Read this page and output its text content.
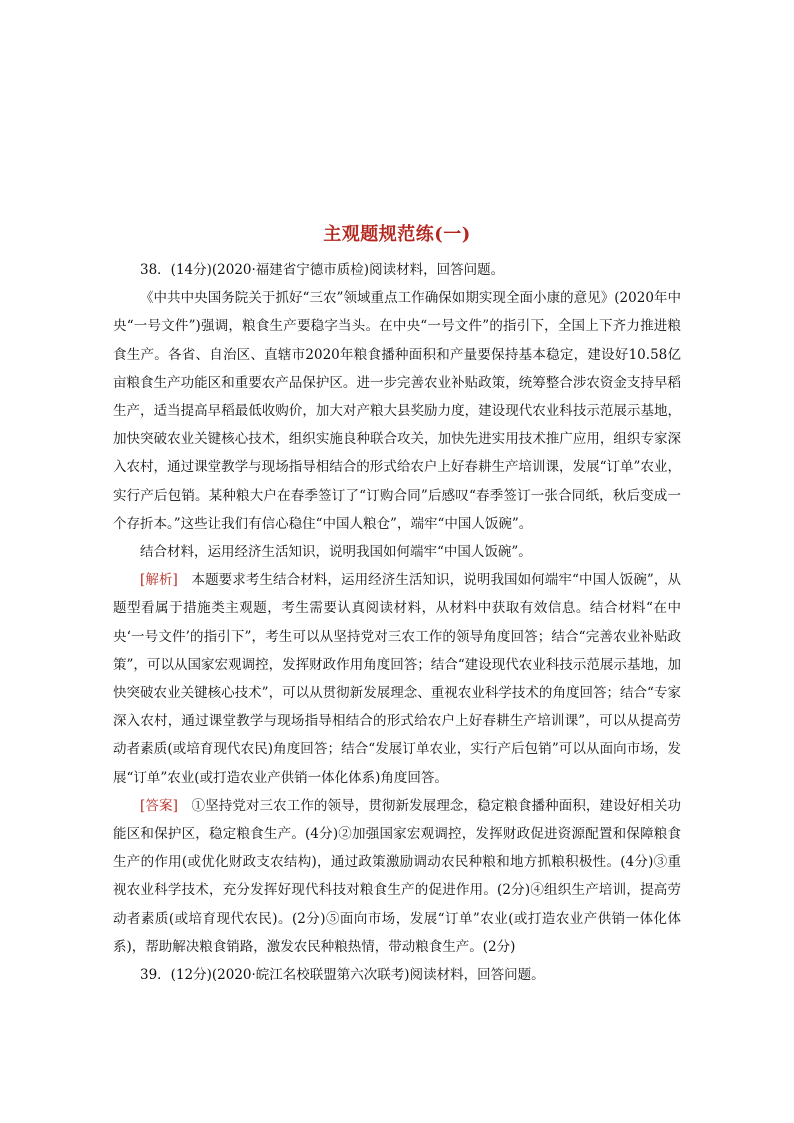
主观题规范练(一)

38．(14分)(2020·福建省宁德市质检)阅读材料，回答问题。

《中共中央国务院关于抓好“三农”领域重点工作确保如期实现全面小康的意见》(2020年中央“一号文件”)强调，粮食生产要稳字当头。在中央“一号文件”的指引下，全国上下齐力推进粮食生产。各省、自治区、直辖市2020年粮食播种面积和产量要保持基本稳定，建设好10.58亿亩粮食生产功能区和重要农产品保护区。进一步完善农业补贴政策，统筹整合涉农资金支持早稻生产，适当提高早稻最低收购价，加大对产粮大县奖励力度，建设现代农业科技示范展示基地，加快突破农业关键核心技术，组织实施良种联合攻关，加快先进实用技术推广应用，组织专家深入农村，通过课堂教学与现场指导相结合的形式给农户上好春耕生产培训课，发展“订单”农业，实行产后包销。某种粮大户在春季签订了“订购合同”后感叹“春季签订一张合同纸，秋后变成一个存折本。”这些让我们有信心稳住“中国人粮仓”，端牢“中国人饭碗”。

结合材料，运用经济生活知识，说明我国如何端牢“中国人饭碗”。

[解析]　 本题要求考生结合材料，运用经济生活知识，说明我国如何端牢“中国人饭碗”，从题型看属于措施类主观题，考生需要认真阅读材料，从材料中获取有效信息。结合材料“在中央‘一号文件’的指引下”，考生可以从坚持党对三农工作的领导角度回答；结合“完善农业补贴政策”，可以从国家宏观调控，发挥财政作用角度回答；结合“建设现代农业科技示范展示基地，加快突破农业关键核心技术”，可以从贯彻新发展理念、重视农业科学技术的角度回答；结合“专家深入农村，通过课堂教学与现场指导相结合的形式给农户上好春耕生产培训课”，可以从提高劳动者素质(或培育现代农民)角度回答；结合“发展订单农业，实行产后包销”可以从面向市场，发展“订单”农业(或打造农业产供销一体化体系)角度回答。

[答案]　 ①坚持党对三农工作的领导，贯彻新发展理念，稳定粮食播种面积，建设好相关功能区和保护区，稳定粮食生产。(4分)②加强国家宏观调控，发挥财政促进资源配置和保障粮食生产的作用(或优化财政支农结构)，通过政策激励调动农民种粮和地方抓粮积极性。(4分)③重视农业科学技术，充分发挥好现代科技对粮食生产的促进作用。(2分)④组织生产培训，提高劳动者素质(或培育现代农民)。(2分)⑤面向市场，发展“订单”农业(或打造农业产供销一体化体系)，帮助解决粮食销路，激发农民种粮热情，带动粮食生产。(2分)

39．(12分)(2020·皖江名校联盟第六次联考)阅读材料，回答问题。
